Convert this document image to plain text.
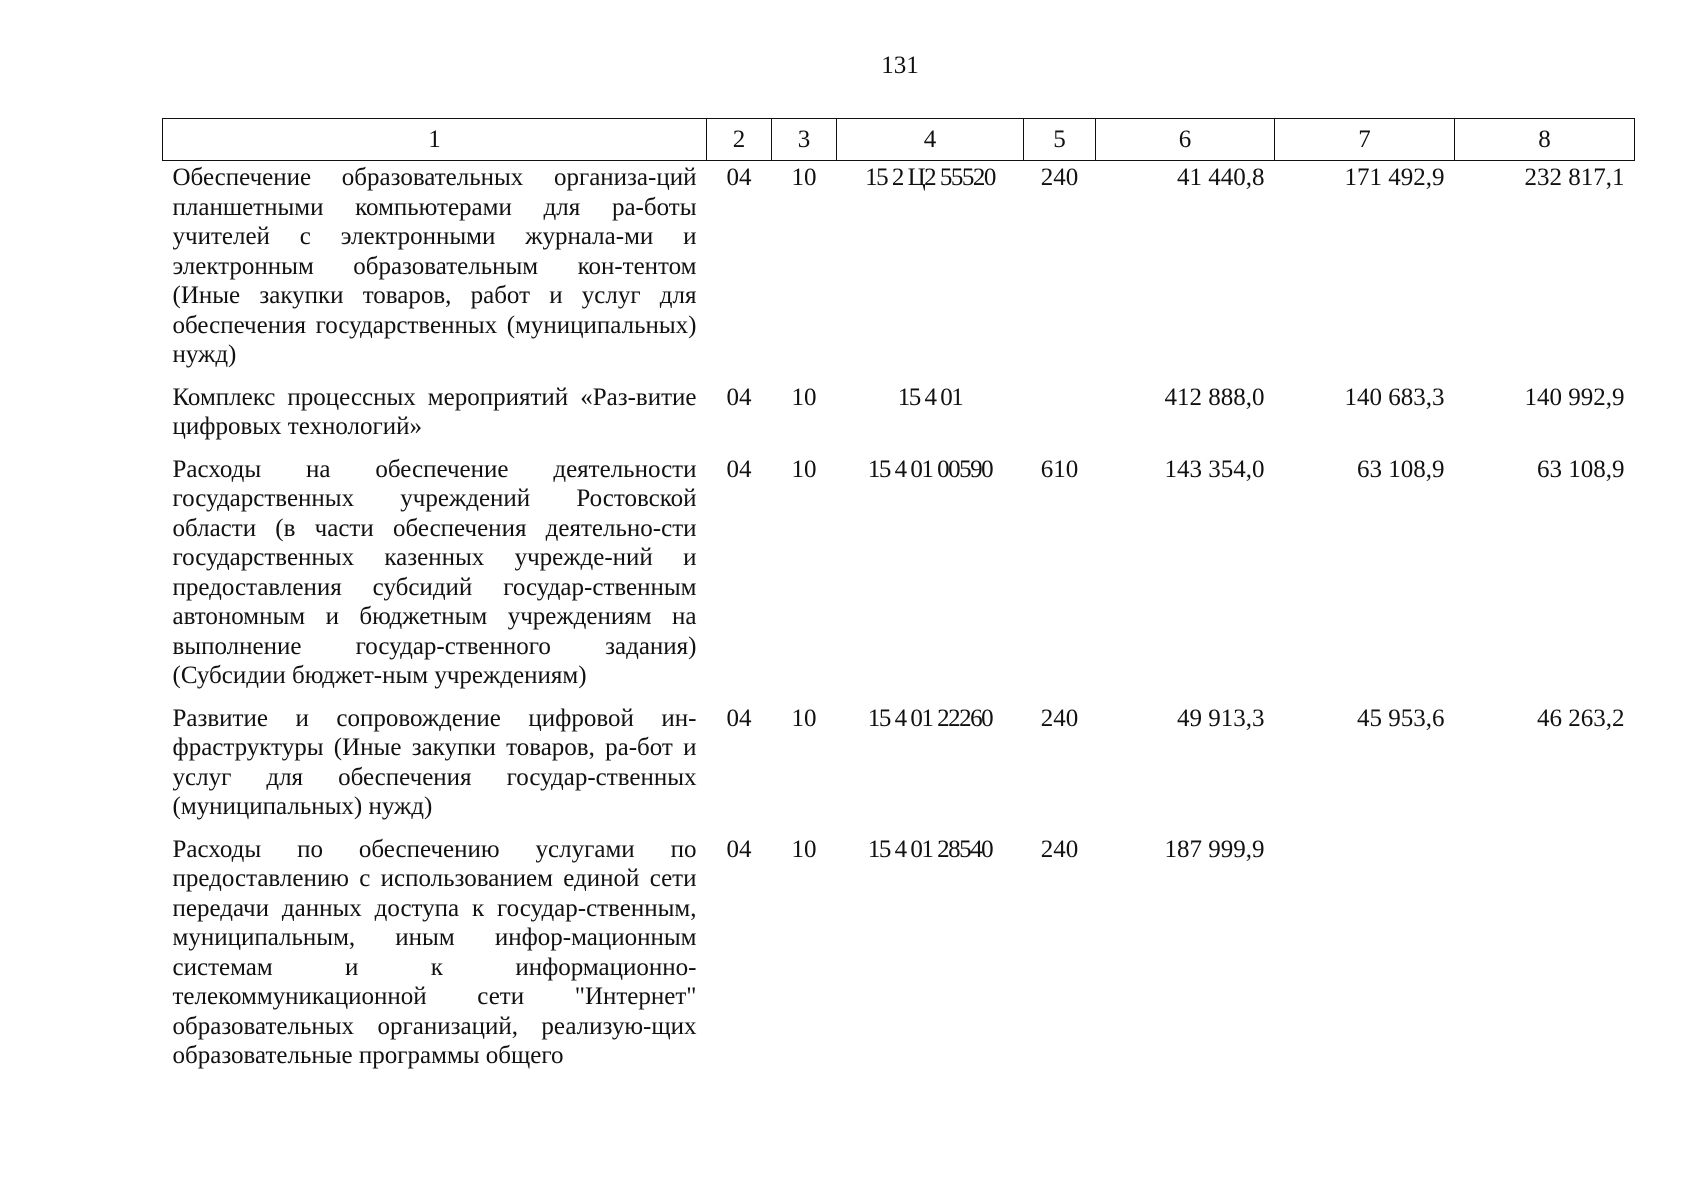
131
1	2	3	4	5	6	7	8
Обеспечение образовательных организа-ций планшетными компьютерами для ра-боты учителей с электронными журнала-ми и электронным образовательным кон-тентом (Иные закупки товаров, работ и услуг для обеспечения государственных (муниципальных) нужд)	04	10	15 2 Ц2 55520	240	41 440,8	171 492,9	232 817,1
Комплекс процессных мероприятий «Раз-витие цифровых технологий»	04	10	15 4 01		412 888,0	140 683,3	140 992,9
Расходы на обеспечение деятельности государственных учреждений Ростовской области (в части обеспечения деятельно-сти государственных казенных учрежде-ний и предоставления субсидий государ-ственным автономным и бюджетным учреждениям на выполнение государ-ственного задания) (Субсидии бюджет-ным учреждениям)	04	10	15 4 01 00590	610	143 354,0	63 108,9	63 108,9
Развитие и сопровождение цифровой ин-фраструктуры (Иные закупки товаров, ра-бот и услуг для обеспечения государ-ственных (муниципальных) нужд)	04	10	15 4 01 22260	240	49 913,3	45 953,6	46 263,2
Расходы по обеспечению услугами по предоставлению с использованием единой сети передачи данных доступа к государ-ственным, муниципальным, иным инфор-мационным системам и к информационно-телекоммуникационной сети "Интернет" образовательных организаций, реализую-щих образовательные программы общего	04	10	15 4 01 28540	240	187 999,9		
